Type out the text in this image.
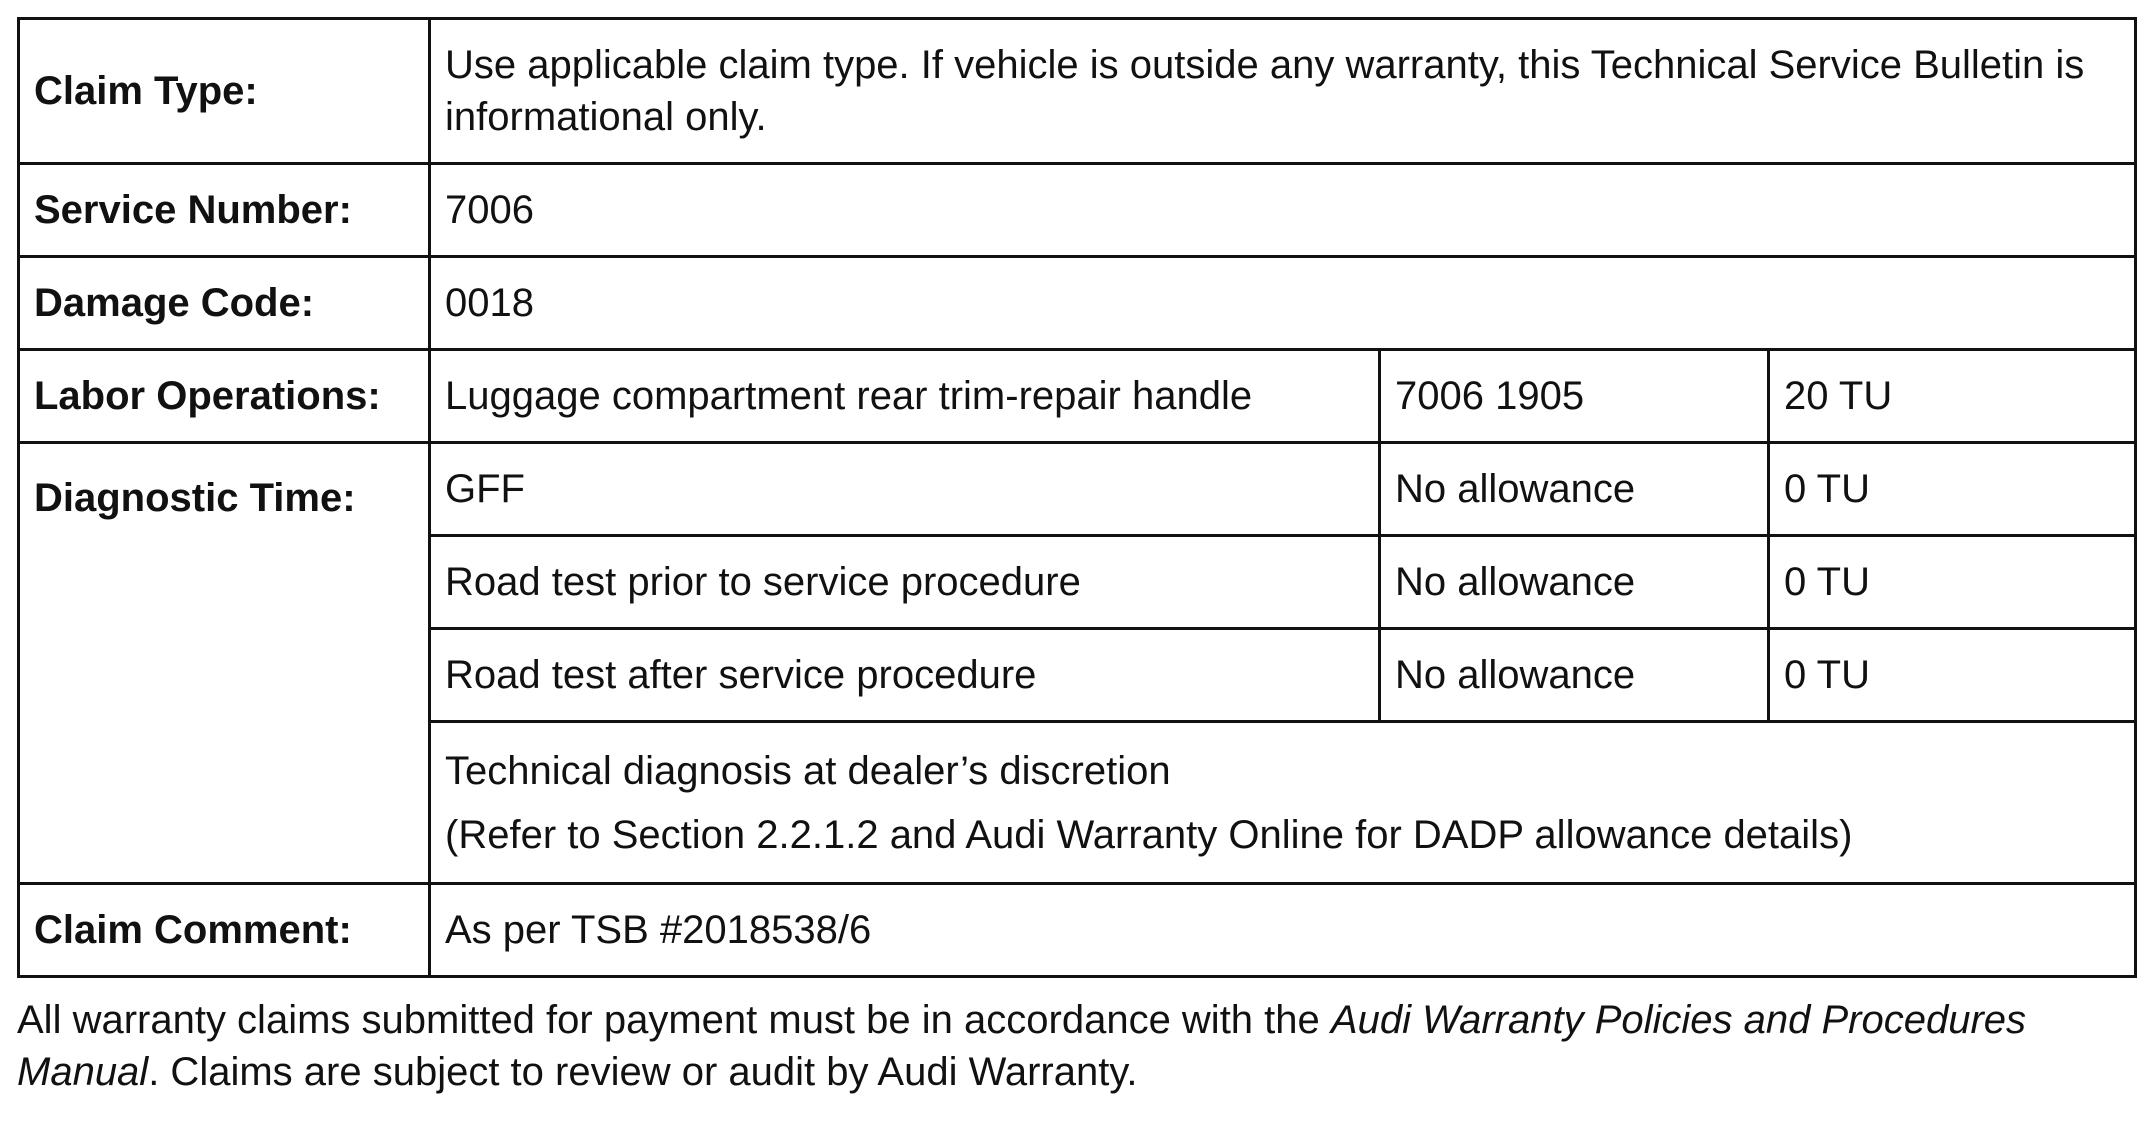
Claim Type:	Use applicable claim type. If vehicle is outside any warranty, this Technical Service Bulletin is informational only.		
Service Number:	7006		
Damage Code:	0018		
Labor Operations:	Luggage compartment rear trim-repair handle	7006 1905	20 TU
Diagnostic Time:	GFF	No allowance	0 TU
	Road test prior to service procedure	No allowance	0 TU
	Road test after service procedure	No allowance	0 TU

	Technical diagnosis at dealer’s discretion
(Refer to Section 2.2.1.2 and Audi Warranty Online for DADP allowance details)		

Claim Comment:	As per TSB #2018538/6		
All warranty claims submitted for payment must be in accordance with the Audi Warranty Policies and Procedures Manual. Claims are subject to review or audit by Audi Warranty.
